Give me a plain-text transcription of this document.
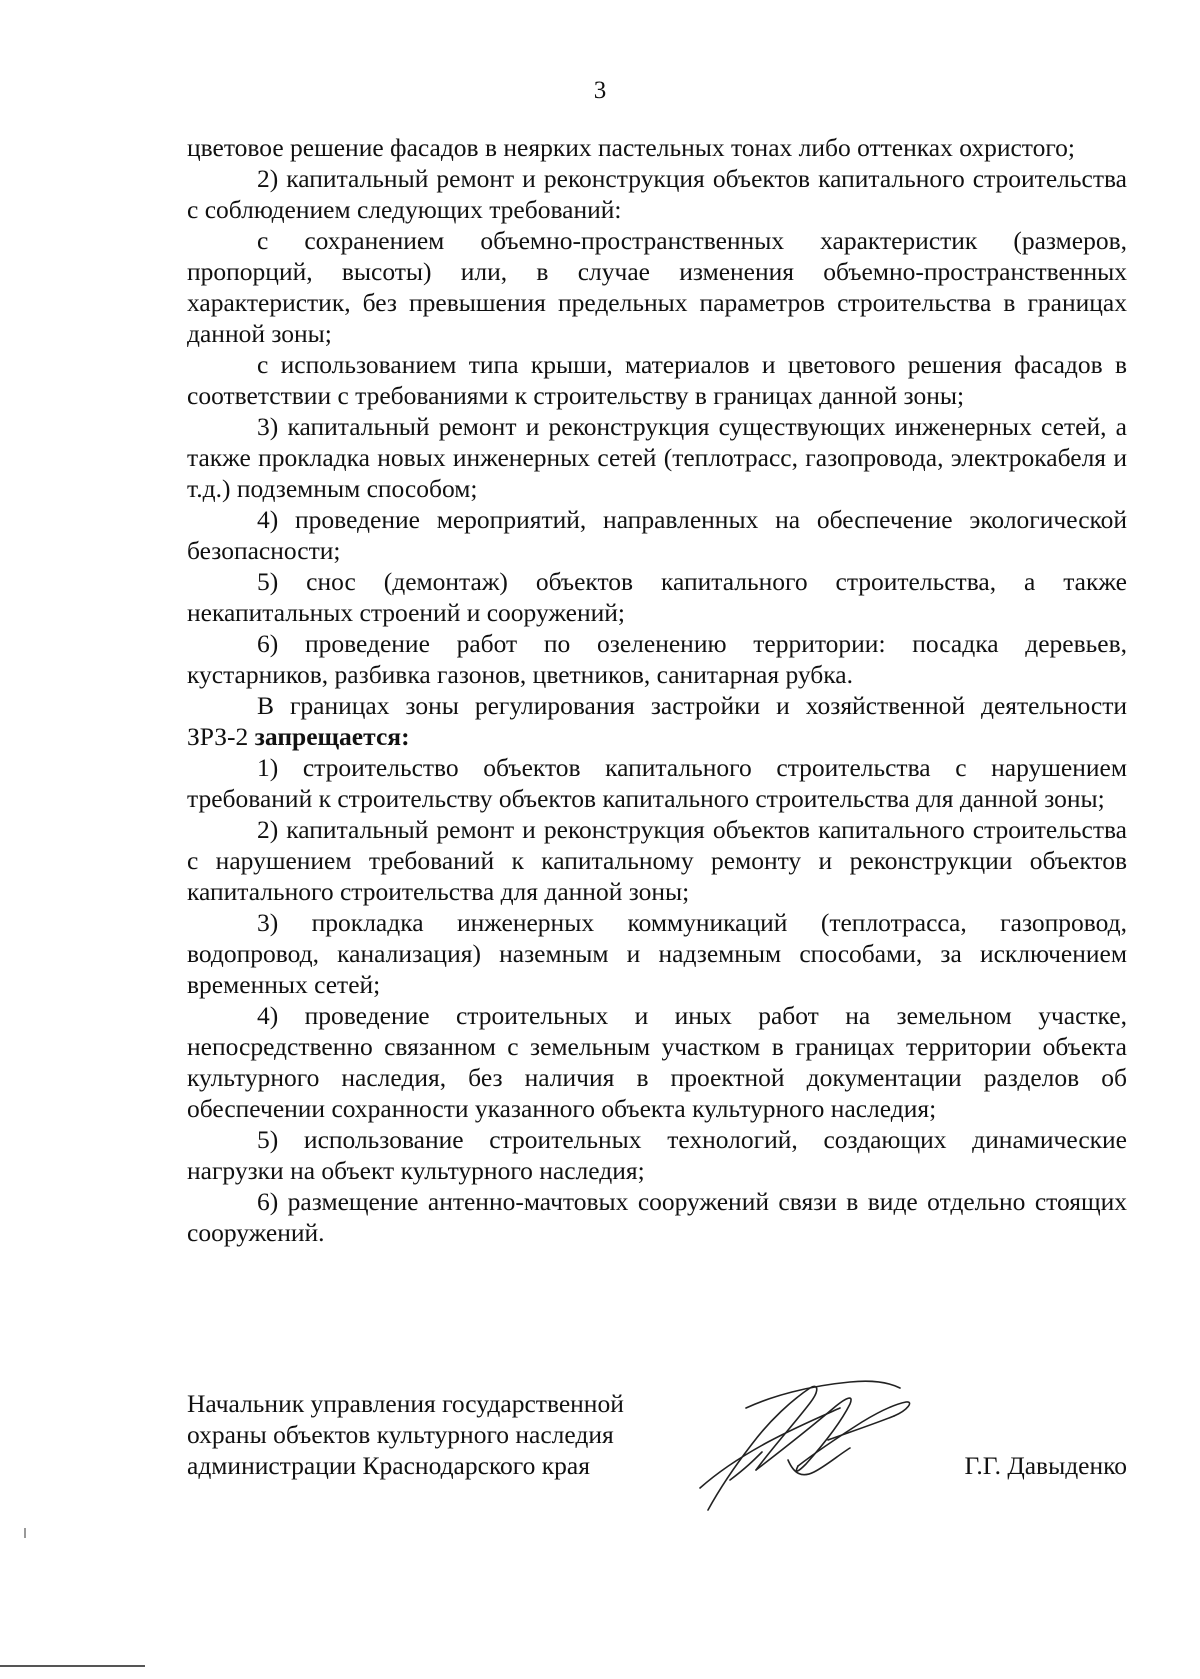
3

цветовое решение фасадов в неярких пастельных тонах либо оттенках охристого;

2) капитальный ремонт и реконструкция объектов капитального строительства с соблюдением следующих требований:

с сохранением объемно-пространственных характеристик (размеров, пропорций, высоты) или, в случае изменения объемно-пространственных характеристик, без превышения предельных параметров строительства в границах данной зоны;

с использованием типа крыши, материалов и цветового решения фасадов в соответствии с требованиями к строительству в границах данной зоны;

3) капитальный ремонт и реконструкция существующих инженерных сетей, а также прокладка новых инженерных сетей (теплотрасс, газопровода, электрокабеля и т.д.) подземным способом;

4) проведение мероприятий, направленных на обеспечение экологической безопасности;

5) снос (демонтаж) объектов капитального строительства, а также некапитальных строений и сооружений;

6) проведение работ по озеленению территории: посадка деревьев, кустарников, разбивка газонов, цветников, санитарная рубка.

В границах зоны регулирования застройки и хозяйственной деятельности ЗРЗ-2 запрещается:

1) строительство объектов капитального строительства с нарушением требований к строительству объектов капитального строительства для данной зоны;

2) капитальный ремонт и реконструкция объектов капитального строительства с нарушением требований к капитальному ремонту и реконструкции объектов капитального строительства для данной зоны;

3) прокладка инженерных коммуникаций (теплотрасса, газопровод, водопровод, канализация) наземным и надземным способами, за исключением временных сетей;

4) проведение строительных и иных работ на земельном участке, непосредственно связанном с земельным участком в границах территории объекта культурного наследия, без наличия в проектной документации разделов об обеспечении сохранности указанного объекта культурного наследия;

5) использование строительных технологий, создающих динамические нагрузки на объект культурного наследия;

6) размещение антенно-мачтовых сооружений связи в виде отдельно стоящих сооружений.

Начальник управления государственной
охраны объектов культурного наследия
администрации Краснодарского края	Г.Г. Давыденко
